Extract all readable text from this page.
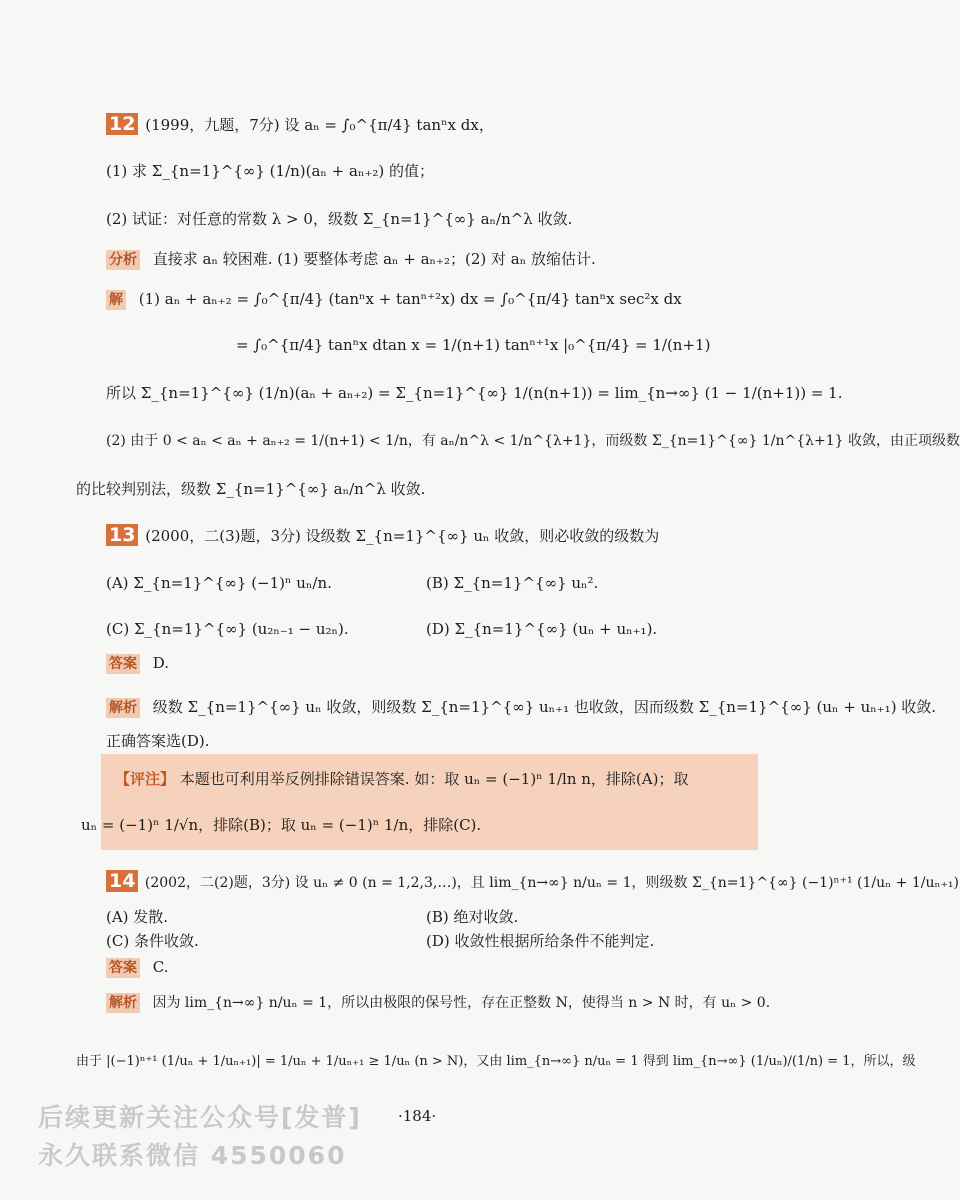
12 (1999，九题，7分) 设 aₙ = ∫₀^{π/4} tanⁿx dx，
(1) 求 Σ_{n=1}^{∞} (1/n)(aₙ + aₙ₊₂) 的值；
(2) 试证：对任意的常数 λ > 0，级数 Σ_{n=1}^{∞} aₙ/n^λ 收敛.
分析 直接求 aₙ 较困难. (1) 要整体考虑 aₙ + aₙ₊₂；(2) 对 aₙ 放缩估计.
解 (1) aₙ + aₙ₊₂ = ∫₀^{π/4} (tanⁿx + tanⁿ⁺²x) dx = ∫₀^{π/4} tanⁿx sec²x dx
= ∫₀^{π/4} tanⁿx dtan x = 1/(n+1) tanⁿ⁺¹x |₀^{π/4} = 1/(n+1)
所以 Σ_{n=1}^{∞} (1/n)(aₙ + aₙ₊₂) = Σ_{n=1}^{∞} 1/(n(n+1)) = lim_{n→∞} (1 − 1/(n+1)) = 1.
(2) 由于 0 < aₙ < aₙ + aₙ₊₂ = 1/(n+1) < 1/n，有 aₙ/n^λ < 1/n^{λ+1}，而级数 Σ_{n=1}^{∞} 1/n^{λ+1} 收敛，由正项级数
的比较判别法，级数 Σ_{n=1}^{∞} aₙ/n^λ 收敛.
13 (2000，二(3)题，3分) 设级数 Σ_{n=1}^{∞} uₙ 收敛，则必收敛的级数为
(A) Σ_{n=1}^{∞} (−1)ⁿ uₙ/n.	(B) Σ_{n=1}^{∞} uₙ².
(C) Σ_{n=1}^{∞} (u₂ₙ₋₁ − u₂ₙ).	(D) Σ_{n=1}^{∞} (uₙ + uₙ₊₁).
答案 D.
解析 级数 Σ_{n=1}^{∞} uₙ 收敛，则级数 Σ_{n=1}^{∞} uₙ₊₁ 也收敛，因而级数 Σ_{n=1}^{∞} (uₙ + uₙ₊₁) 收敛.
正确答案选(D).
【评注】 本题也可利用举反例排除错误答案. 如：取 uₙ = (−1)ⁿ 1/ln n，排除(A)；取
uₙ = (−1)ⁿ 1/√n，排除(B)；取 uₙ = (−1)ⁿ 1/n，排除(C).
14 (2002，二(2)题，3分) 设 uₙ ≠ 0 (n = 1,2,3,…)，且 lim_{n→∞} n/uₙ = 1，则级数 Σ_{n=1}^{∞} (−1)ⁿ⁺¹ (1/uₙ + 1/uₙ₊₁)
(A) 发散.	(B) 绝对收敛.
(C) 条件收敛.	(D) 收敛性根据所给条件不能判定.
答案 C.
解析 因为 lim_{n→∞} n/uₙ = 1，所以由极限的保号性，存在正整数 N，使得当 n > N 时，有 uₙ > 0.
由于 |(−1)ⁿ⁺¹ (1/uₙ + 1/uₙ₊₁)| = 1/uₙ + 1/uₙ₊₁ ≥ 1/uₙ (n > N)，又由 lim_{n→∞} n/uₙ = 1 得到 lim_{n→∞} (1/uₙ)/(1/n) = 1，所以，级
·184·
后续更新关注公众号[发普]
永久联系微信 4550060
